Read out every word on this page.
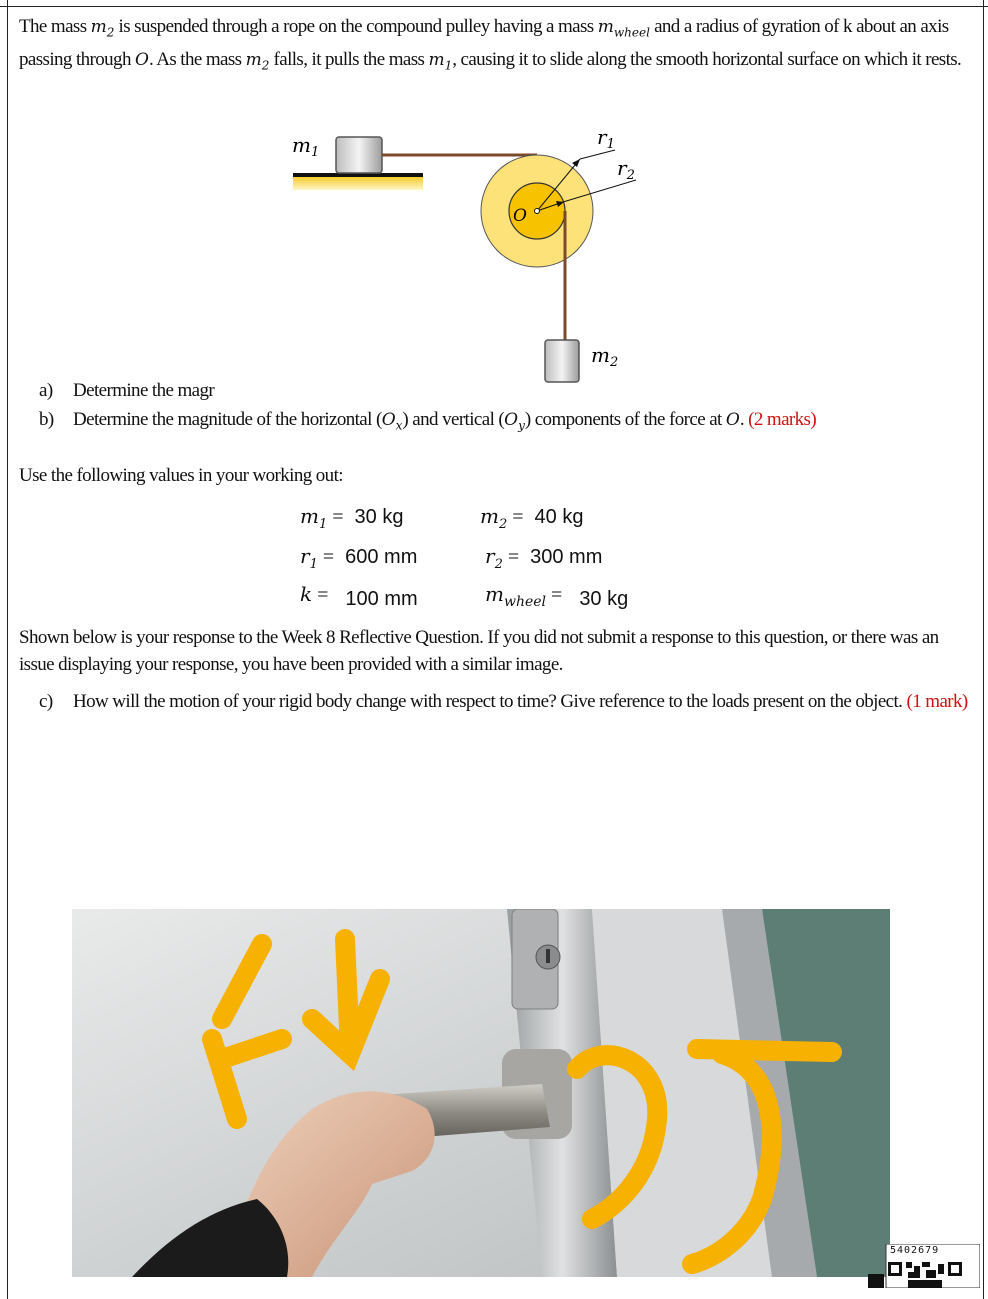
The mass $m_2$ is suspended through a rope on the compound pulley having a mass $m_{wheel}$ and a radius of gyration of k about an axis passing through O. As the mass $m_2$ falls, it pulls the mass $m_1$, causing it to slide along the smooth horizontal surface on which it rests.

$m_1$
$r_1$
$r_2$
O
$m_2$
a) Determine the magr
b) Determine the magnitude of the horizontal $(O_x)$ and vertical $(O_y)$ components of the force at O. (2 marks)

Use the following values in your working out:

$m_1 = 30$ kg	$m_2 = 40$ kg
$r_1 = 600$ mm	$r_2 = 300$ mm
k = 100 mm	$m_{wheel} = 30$ kg

Shown below is your response to the Week 8 Reflective Question. If you did not submit a response to this question, or there was an issue displaying your response, you have been provided with a similar image.

c) How will the motion of your rigid body change with respect to time? Give reference to the loads present on the object. (1 mark)
5402679
